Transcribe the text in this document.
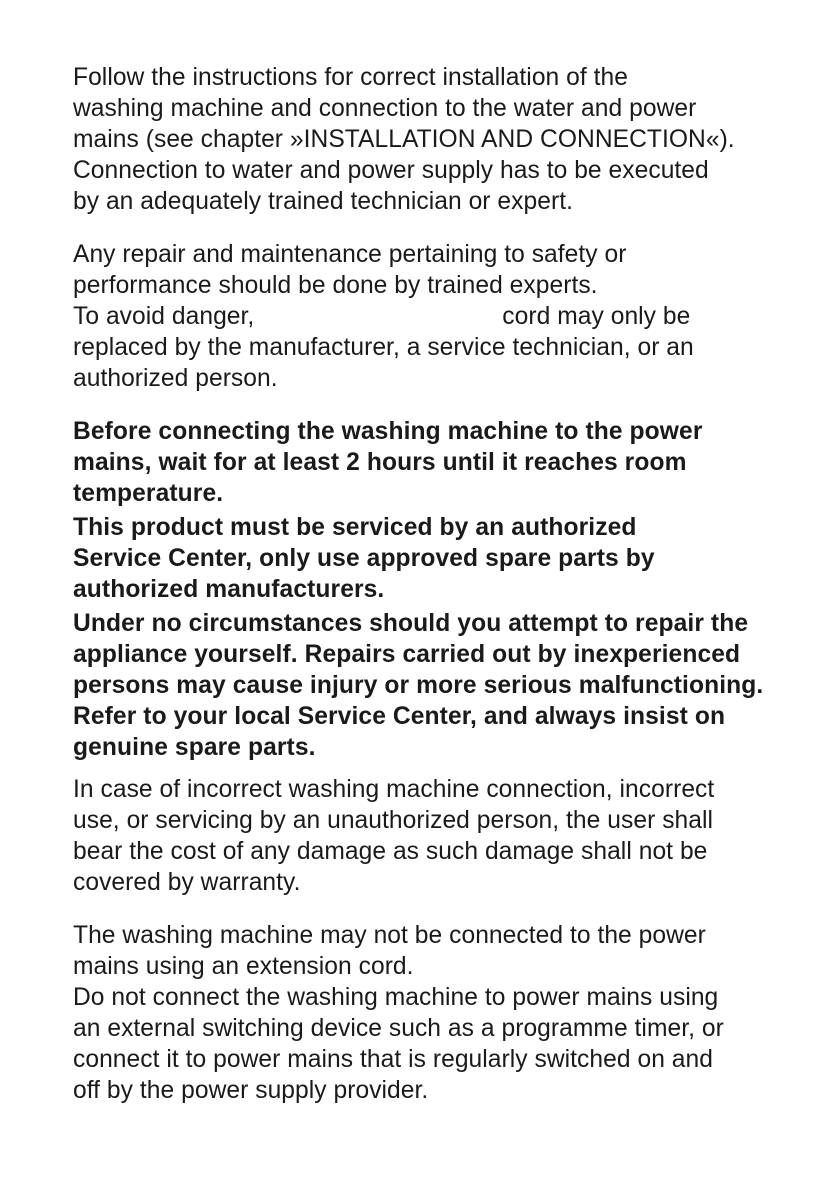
Follow the instructions for correct installation of the
washing machine and connection to the water and power
mains (see chapter »INSTALLATION AND CONNECTION«).
Connection to water and power supply has to be executed
by an adequately trained technician or expert.
Any repair and maintenance pertaining to safety or
performance should be done by trained experts.
To avoid danger,	cord may only be
replaced by the manufacturer, a service technician, or an
authorized person.
Before connecting the washing machine to the power
mains, wait for at least 2 hours until it reaches room
temperature.
This product must be serviced by an authorized
Service Center, only use approved spare parts by
authorized manufacturers.
Under no circumstances should you attempt to repair the
appliance yourself. Repairs carried out by inexperienced
persons may cause injury or more serious malfunctioning.
Refer to your local Service Center, and always insist on
genuine spare parts.
In case of incorrect washing machine connection, incorrect
use, or servicing by an unauthorized person, the user shall
bear the cost of any damage as such damage shall not be
covered by warranty.
The washing machine may not be connected to the power
mains using an extension cord.
Do not connect the washing machine to power mains using
an external switching device such as a programme timer, or
connect it to power mains that is regularly switched on and
off by the power supply provider.
